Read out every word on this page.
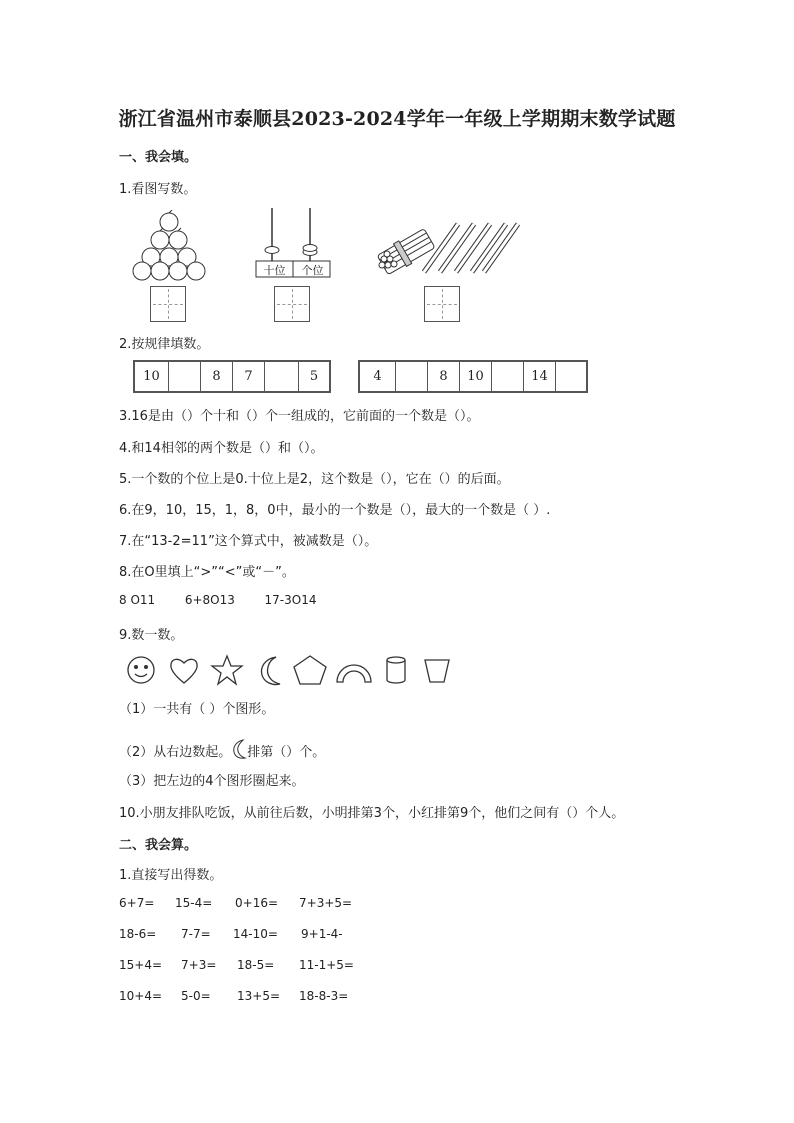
浙江省温州市泰顺县2023-2024学年一年级上学期期末数学试题
一、我会填。
1.看图写数。
十位	个位
2.按规律填数。
10	8	7	5	4	8	10	14
3.16是由（）个十和（）个一组成的，它前面的一个数是（）。
4.和14相邻的两个数是（）和（）。
5.一个数的个位上是0.十位上是2，这个数是（），它在（）的后面。
6.在9，10，15，1，8，0中，最小的一个数是（），最大的一个数是（ ）.
7.在“13-2=11”这个算式中，被减数是（）。
8.在O里填上“>”“<”或“－”。
8 O11 6+8O13 17-3O14
9.数一数。
（1）一共有（ ）个图形。
（2）从右边数起。 排第（）个。
（3）把左边的4个图形圈起来。
10.小朋友排队吃饭，从前往后数，小明排第3个，小红排第9个，他们之间有（）个人。
二、我会算。
1.直接写出得数。
6+7= 15-4= 0+16= 7+3+5=
18-6= 7-7= 14-10= 9+1-4-
15+4= 7+3= 18-5= 11-1+5=
10+4= 5-0= 13+5= 18-8-3=
